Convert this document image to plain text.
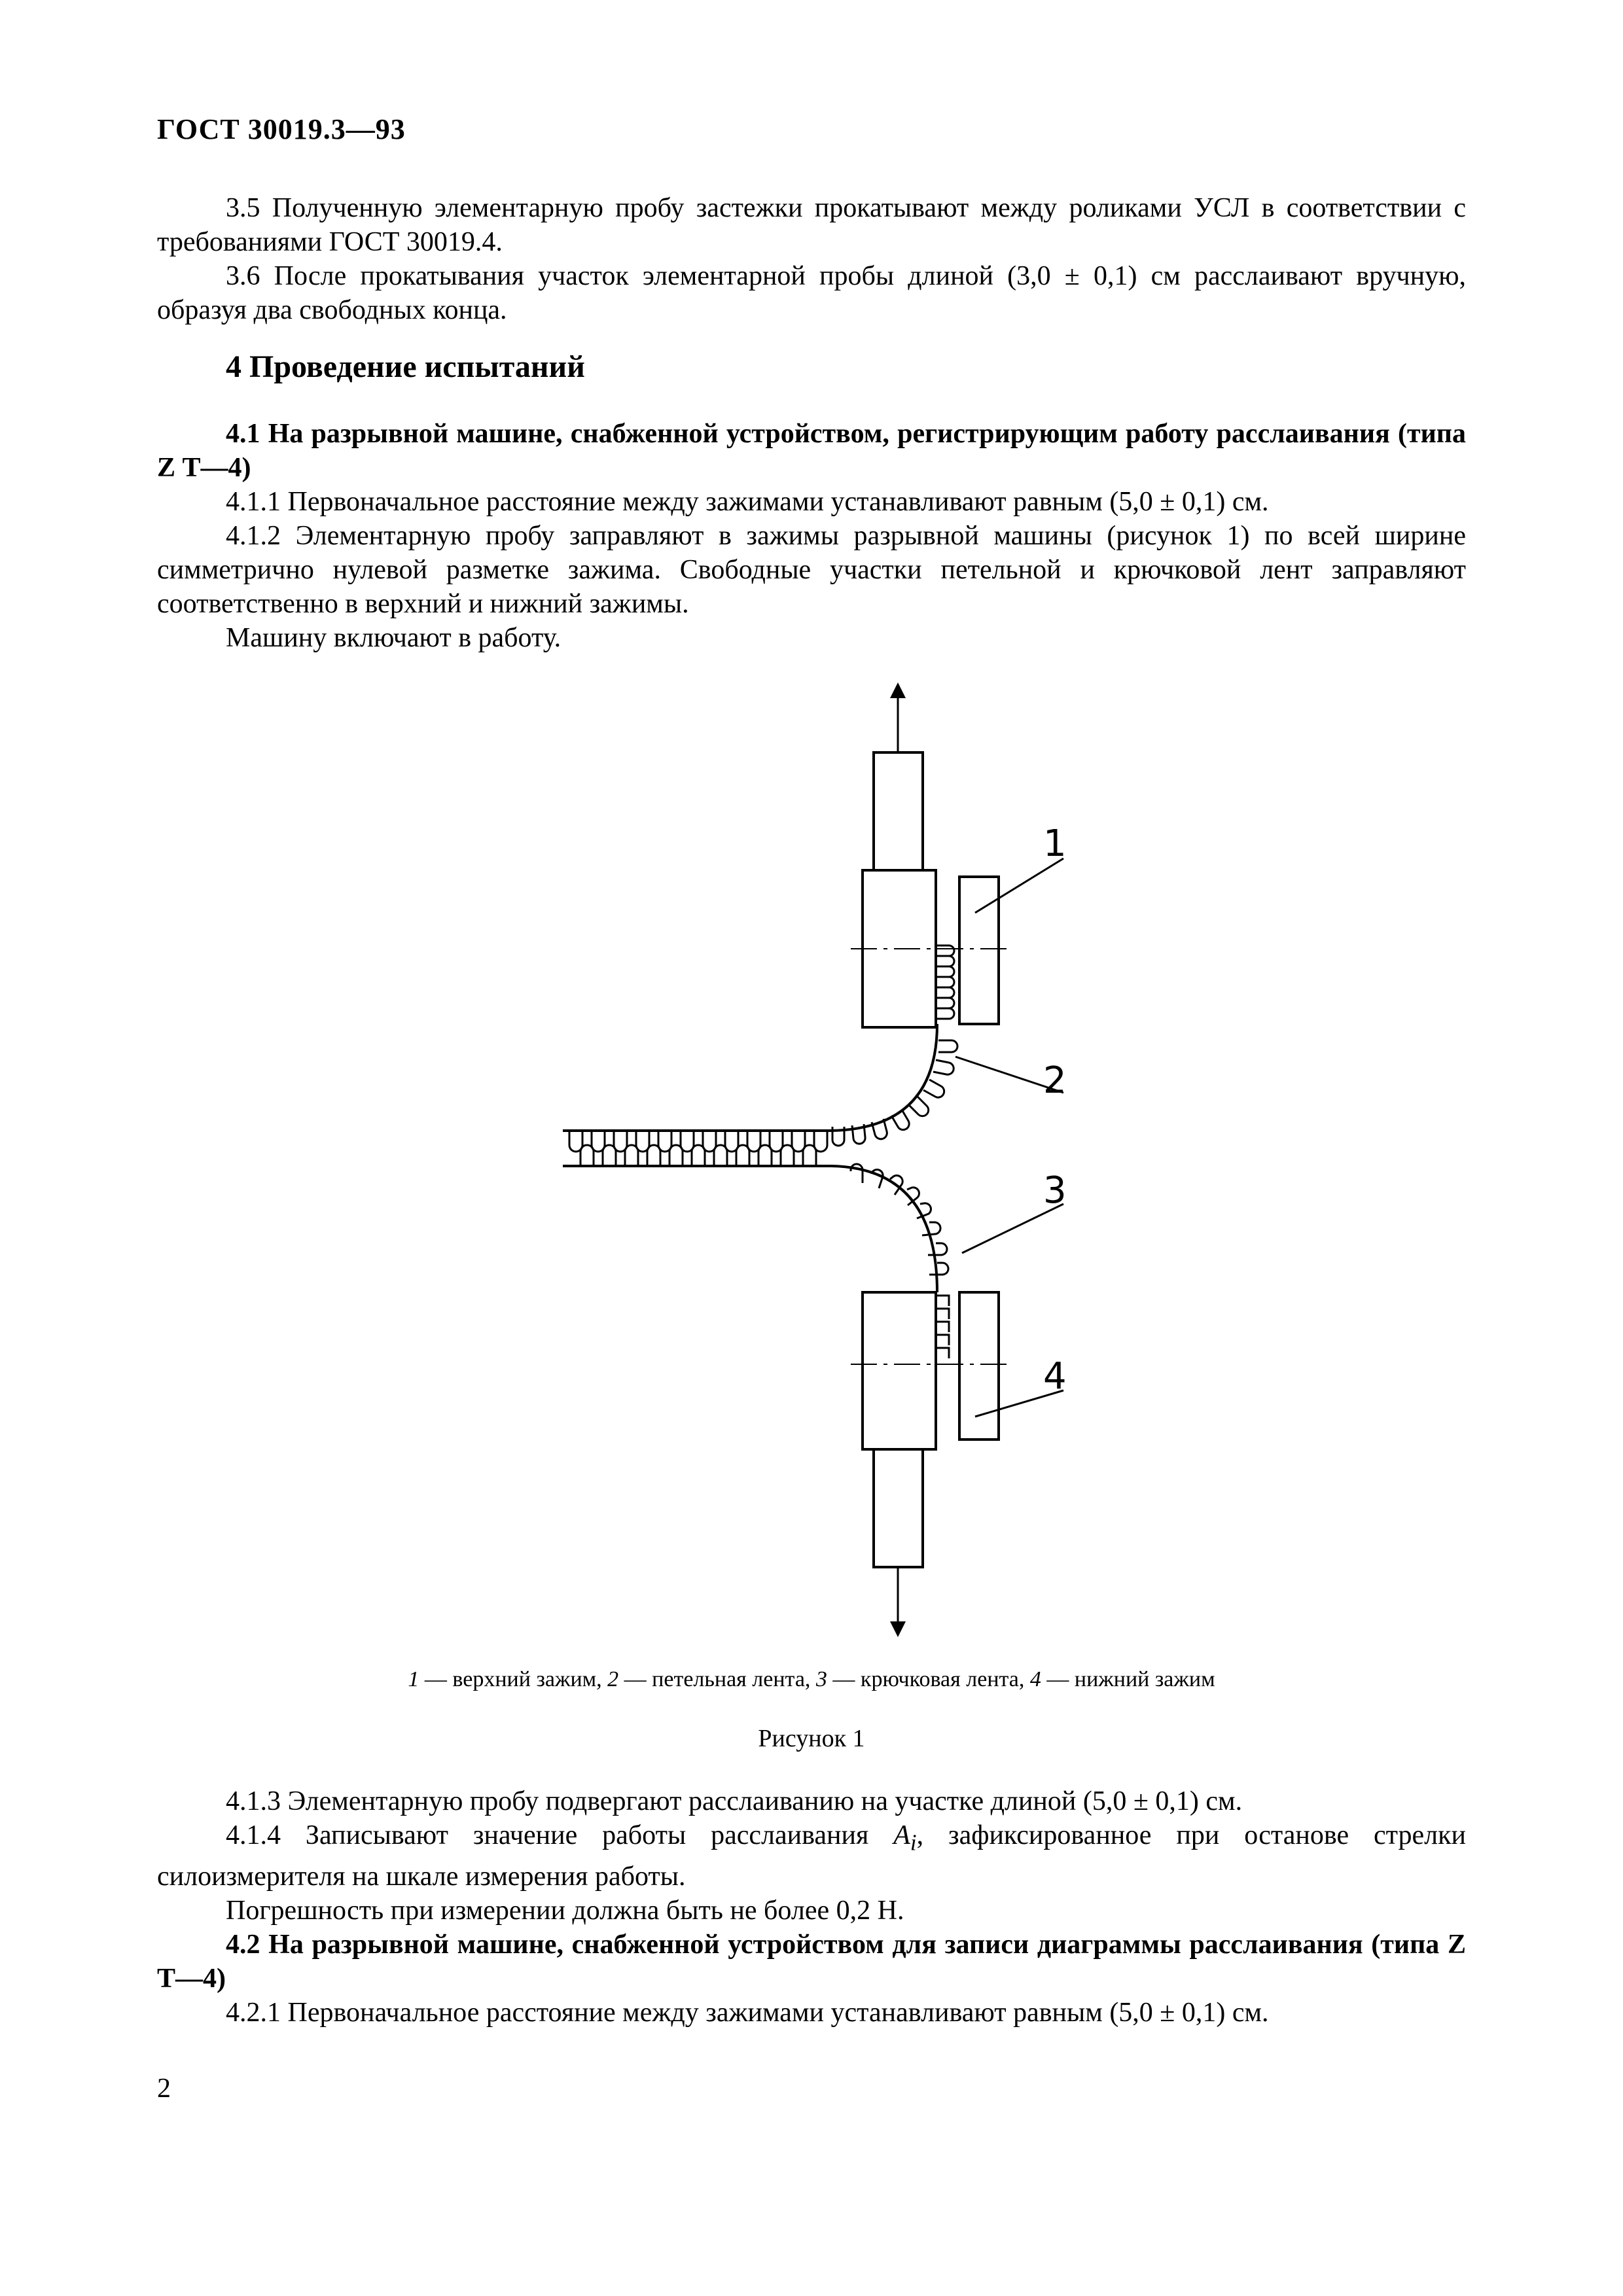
ГОСТ 30019.3—93

3.5 Полученную элементарную пробу застежки прокатывают между роликами УСЛ в соответствии с требованиями ГОСТ 30019.4.

3.6 После прокатывания участок элементарной пробы длиной (3,0 ± 0,1) см расслаивают вручную, образуя два свободных конца.

4 Проведение испытаний

4.1 На разрывной машине, снабженной устройством, регистрирующим работу расслаивания (типа Z Т—4)

4.1.1 Первоначальное расстояние между зажимами устанавливают равным (5,0 ± 0,1) см.

4.1.2 Элементарную пробу заправляют в зажимы разрывной машины (рисунок 1) по всей ширине симметрично нулевой разметке зажима. Свободные участки петельной и крючковой лент заправляют соответственно в верхний и нижний зажимы.

Машину включают в работу.

1
2
3
4
1 — верхний зажим, 2 — петельная лента, 3 — крючковая лента, 4 — нижний зажим
Рисунок 1

4.1.3 Элементарную пробу подвергают расслаиванию на участке длиной (5,0 ± 0,1) см.

4.1.4 Записывают значение работы расслаивания $A_i$, зафиксированное при останове стрелки силоизмерителя на шкале измерения работы.

Погрешность при измерении должна быть не более 0,2 Н.

4.2 На разрывной машине, снабженной устройством для записи диаграммы расслаивания (типа Z Т—4)

4.2.1 Первоначальное расстояние между зажимами устанавливают равным (5,0 ± 0,1) см.

2
